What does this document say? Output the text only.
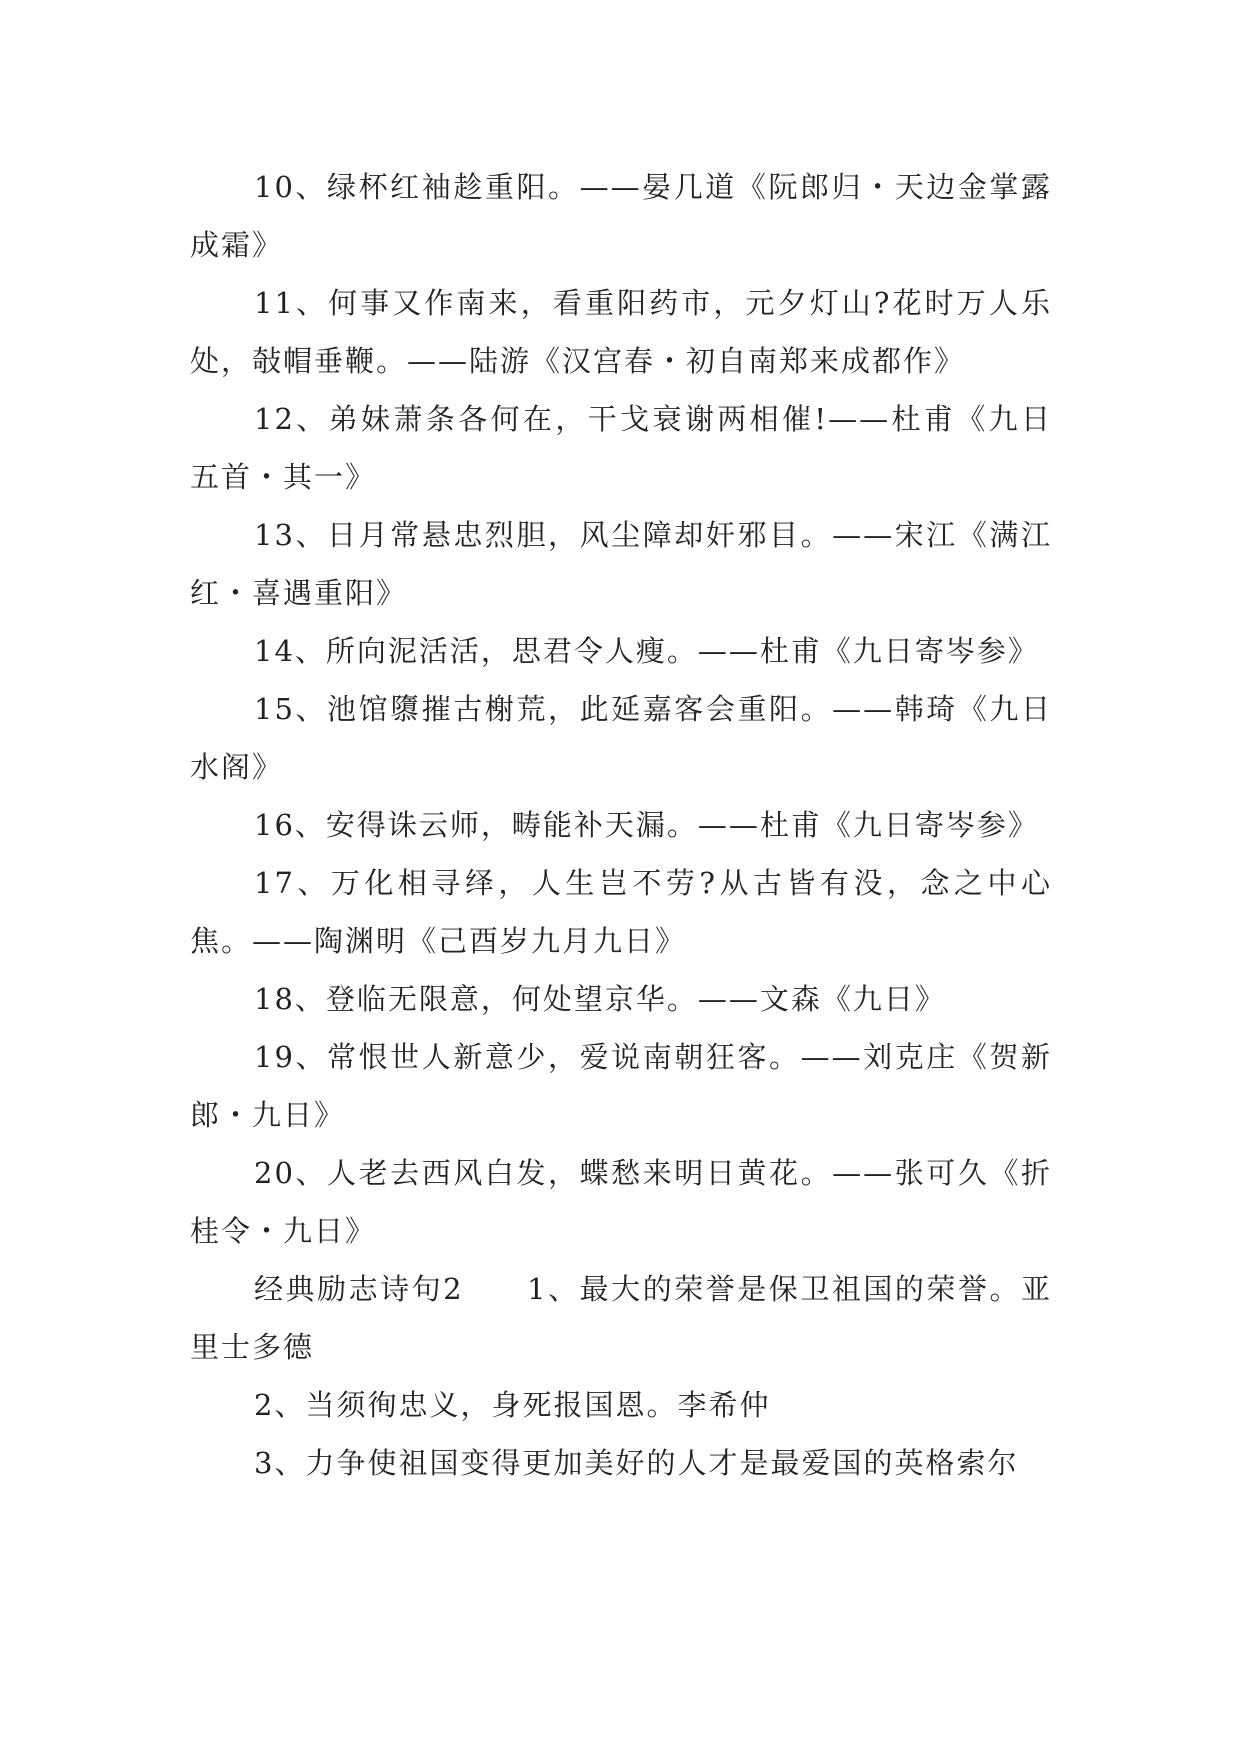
10、绿杯红袖趁重阳。——晏几道《阮郎归・天边金掌露成霜》

11、何事又作南来，看重阳药市，元夕灯山?花时万人乐处，敧帽垂鞭。——陆游《汉宫春・初自南郑来成都作》

12、弟妹萧条各何在，干戈衰谢两相催!——杜甫《九日五首・其一》

13、日月常悬忠烈胆，风尘障却奸邪目。——宋江《满江红・喜遇重阳》

14、所向泥活活，思君令人瘦。——杜甫《九日寄岑参》

15、池馆隳摧古榭荒，此延嘉客会重阳。——韩琦《九日水阁》

16、安得诛云师，畴能补天漏。——杜甫《九日寄岑参》

17、万化相寻绎，人生岂不劳?从古皆有没，念之中心焦。——陶渊明《己酉岁九月九日》

18、登临无限意，何处望京华。——文森《九日》

19、常恨世人新意少，爱说南朝狂客。——刘克庄《贺新郎・九日》

20、人老去西风白发，蝶愁来明日黄花。——张可久《折桂令・九日》

经典励志诗句2　　1、最大的荣誉是保卫祖国的荣誉。亚里士多德

2、当须徇忠义，身死报国恩。李希仲

3、力争使祖国变得更加美好的人才是最爱国的英格索尔
